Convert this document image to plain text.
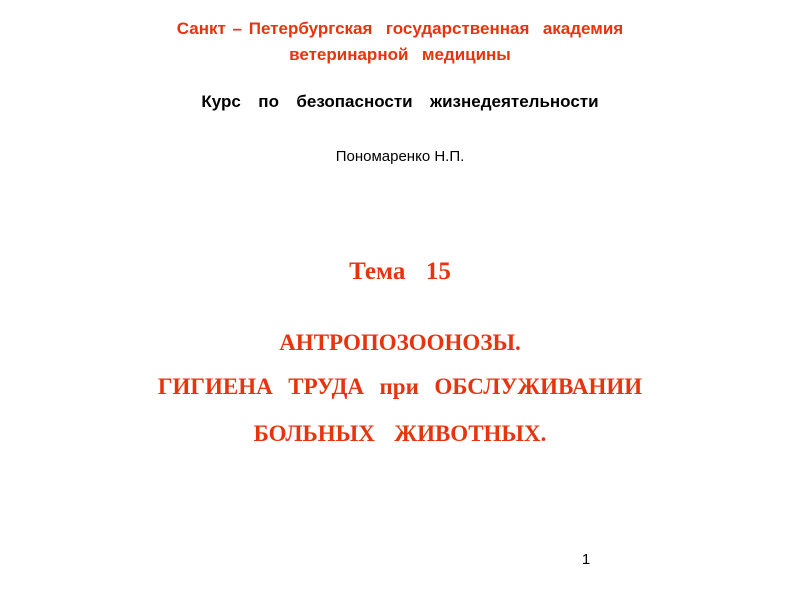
Санкт – Петербургская  государственная  академия
ветеринарной  медицины
Курс  по  безопасности  жизнедеятельности
Пономаренко Н.П.
Тема  15
АНТРОПОЗООНОЗЫ.
ГИГИЕНА  ТРУДА  при  ОБСЛУЖИВАНИИ
БОЛЬНЫХ  ЖИВОТНЫХ.
1
